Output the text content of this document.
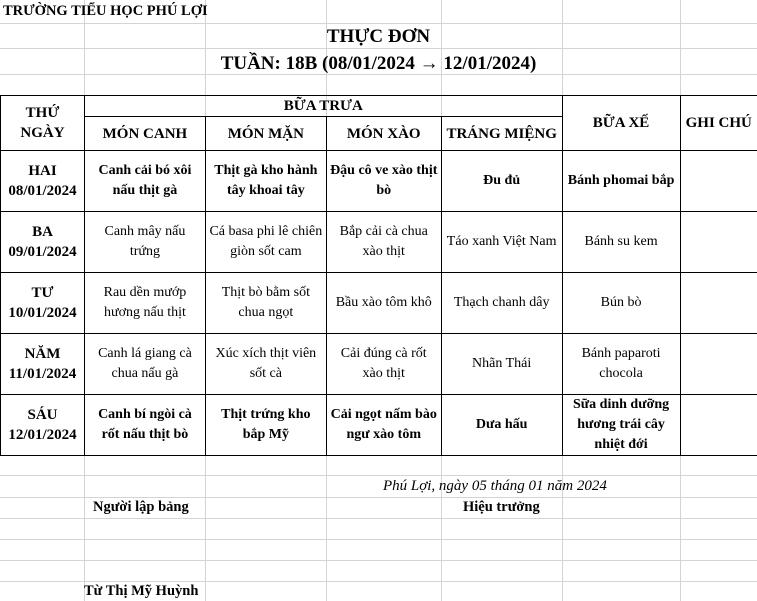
TRƯỜNG TIỂU HỌC PHÚ LỢI
THỰC ĐƠN
TUẦN: 18B (08/01/2024 → 12/01/2024)
THỨ
NGÀY	BỮA TRƯA				BỮA XẾ	GHI CHÚ
	MÓN CANH	MÓN MẶN	MÓN XÀO	TRÁNG MIỆNG		

HAI
08/01/2024	Canh cải bó xôi nấu thịt gà	Thịt gà kho hành tây khoai tây	Đậu cô ve xào thịt bò	Đu đủ	Bánh phomai bắp	

BA
09/01/2024	Canh mây nấu trứng	Cá basa phi lê chiên giòn sốt cam	Bắp cải cà chua xào thịt	Táo xanh Việt Nam	Bánh su kem	

TƯ
10/01/2024	Rau dền mướp hương nấu thịt	Thịt bò bằm sốt chua ngọt	Bầu xào tôm khô	Thạch chanh dây	Bún bò	

NĂM
11/01/2024	Canh lá giang cà chua nấu gà	Xúc xích thịt viên sốt cà	Cải đúng cà rốt xào thịt	Nhãn Thái	Bánh paparoti chocola	

SÁU
12/01/2024	Canh bí ngòi cà rốt nấu thịt bò	Thịt trứng kho bắp Mỹ	Cải ngọt nấm bào ngư xào tôm	Dưa hấu	Sữa dinh dưỡng hương trái cây nhiệt đới	
Phú Lợi, ngày 05 tháng 01 năm 2024
Người lập bảng	Hiệu trưởng
Từ Thị Mỹ Huỳnh
